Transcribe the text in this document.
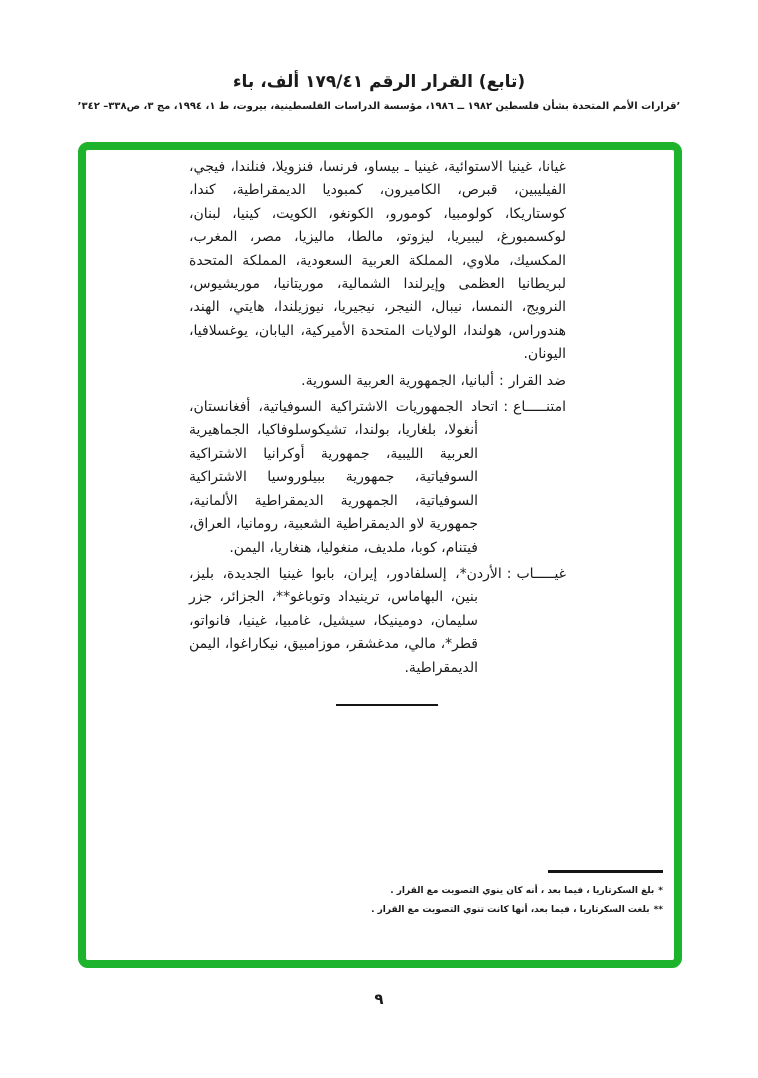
(تابع) القرار الرقم ١٧٩/٤١ ألف، باء
’قرارات الأمم المتحدة بشأن فلسطين ١٩٨٢ ــ ١٩٨٦، مؤسسة الدراسات الفلسطينية، بيروت، ط ١، ١٩٩٤، مج ٣، ص٣٣٨– ٣٤٢’

غيانا، غينيا الاستوائية، غينيا ـ بيساو، فرنسا، فنزويلا، فنلندا، فيجي، الفيليبين، قبرص، الكاميرون، كمبوديا الديمقراطية، كندا، كوستاريكا، كولومبيا، كومورو، الكونغو، الكويت، كينيا، لبنان، لوكسمبورغ، ليبيريا، ليزوتو، مالطا، ماليزيا، مصر، المغرب، المكسيك، ملاوي، المملكة العربية السعودية، المملكة المتحدة لبريطانيا العظمى وإيرلندا الشمالية، موريتانيا، موريشيوس، النرويج، النمسا، نيبال، النيجر، نيجيريا، نيوزيلندا، هايتي، الهند، هندوراس، هولندا، الولايات المتحدة الأميركية، اليابان، يوغسلافيا، اليونان.

ضد القرار:ألبانيا، الجمهورية العربية السورية.

امتنـــــاع:اتحاد الجمهوريات الاشتراكية السوفياتية، أفغانستان، أنغولا، بلغاريا، بولندا، تشيكوسلوفاكيا، الجماهيرية العربية الليبية، جمهورية أوكرانيا الاشتراكية السوفياتية، جمهورية ببيلوروسيا الاشتراكية السوفياتية، الجمهورية الديمقراطية الألمانية، جمهورية لاو الديمقراطية الشعبية، رومانيا، العراق، فيتنام، كوبا، ملديف، منغوليا، هنغاريا، اليمن.

غيـــــاب:الأردن*، إلسلفادور، إيران، بابوا غينيا الجديدة، بليز، بنين، البهاماس، ترينيداد وتوباغو**، الجزائر، جزر سليمان، دومينيكا، سيشيل، غامبيا، غينيا، فانواتو، قطر*، مالي، مدغشقر، موزامبيق، نيكاراغوا، اليمن الديمقراطية.

*بلغ السكرتاريا ، فيما بعد ، أنه كان ينوي التصويت مع القرار .
**بلغت السكرتاريا ، فيما بعد، أنها كانت تنوي التصويت مع القرار .
٩
